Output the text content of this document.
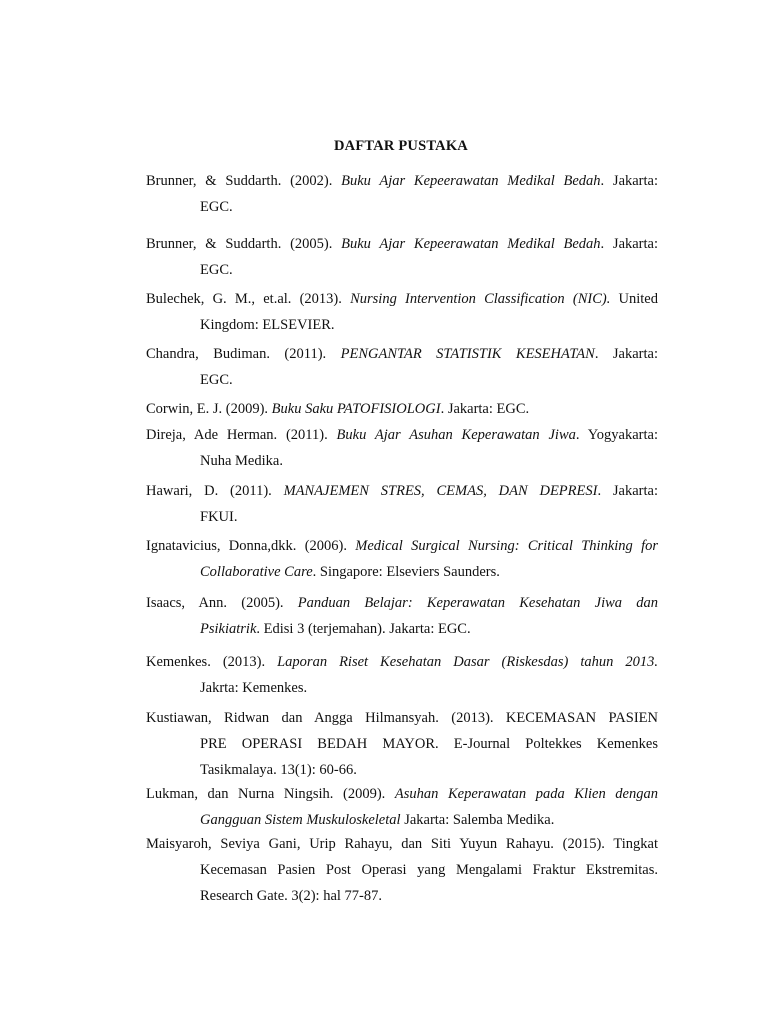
DAFTAR PUSTAKA
Brunner, & Suddarth. (2002). Buku Ajar Kepeerawatan Medikal Bedah. Jakarta:
EGC.
Brunner, & Suddarth. (2005). Buku Ajar Kepeerawatan Medikal Bedah. Jakarta:
EGC.
Bulechek, G. M., et.al. (2013). Nursing Intervention Classification (NIC). United
Kingdom: ELSEVIER.
Chandra, Budiman. (2011). PENGANTAR STATISTIK KESEHATAN. Jakarta:
EGC.
Corwin, E. J. (2009). Buku Saku PATOFISIOLOGI. Jakarta: EGC.
Direja, Ade Herman. (2011). Buku Ajar Asuhan Keperawatan Jiwa. Yogyakarta:
Nuha Medika.
Hawari, D. (2011). MANAJEMEN STRES, CEMAS, DAN DEPRESI. Jakarta:
FKUI.
Ignatavicius, Donna,dkk. (2006). Medical Surgical Nursing: Critical Thinking for
Collaborative Care. Singapore: Elseviers Saunders.
Isaacs, Ann. (2005). Panduan Belajar: Keperawatan Kesehatan Jiwa dan
Psikiatrik. Edisi 3 (terjemahan). Jakarta: EGC.
Kemenkes. (2013). Laporan Riset Kesehatan Dasar (Riskesdas) tahun 2013.
Jakrta: Kemenkes.
Kustiawan, Ridwan dan Angga Hilmansyah. (2013). KECEMASAN PASIEN
PRE OPERASI BEDAH MAYOR. E-Journal Poltekkes Kemenkes
Tasikmalaya. 13(1): 60-66.
Lukman, dan Nurna Ningsih. (2009). Asuhan Keperawatan pada Klien dengan
Gangguan Sistem Muskuloskeletal Jakarta: Salemba Medika.
Maisyaroh, Seviya Gani, Urip Rahayu, dan Siti Yuyun Rahayu. (2015). Tingkat
Kecemasan Pasien Post Operasi yang Mengalami Fraktur Ekstremitas.
Research Gate. 3(2): hal 77-87.
